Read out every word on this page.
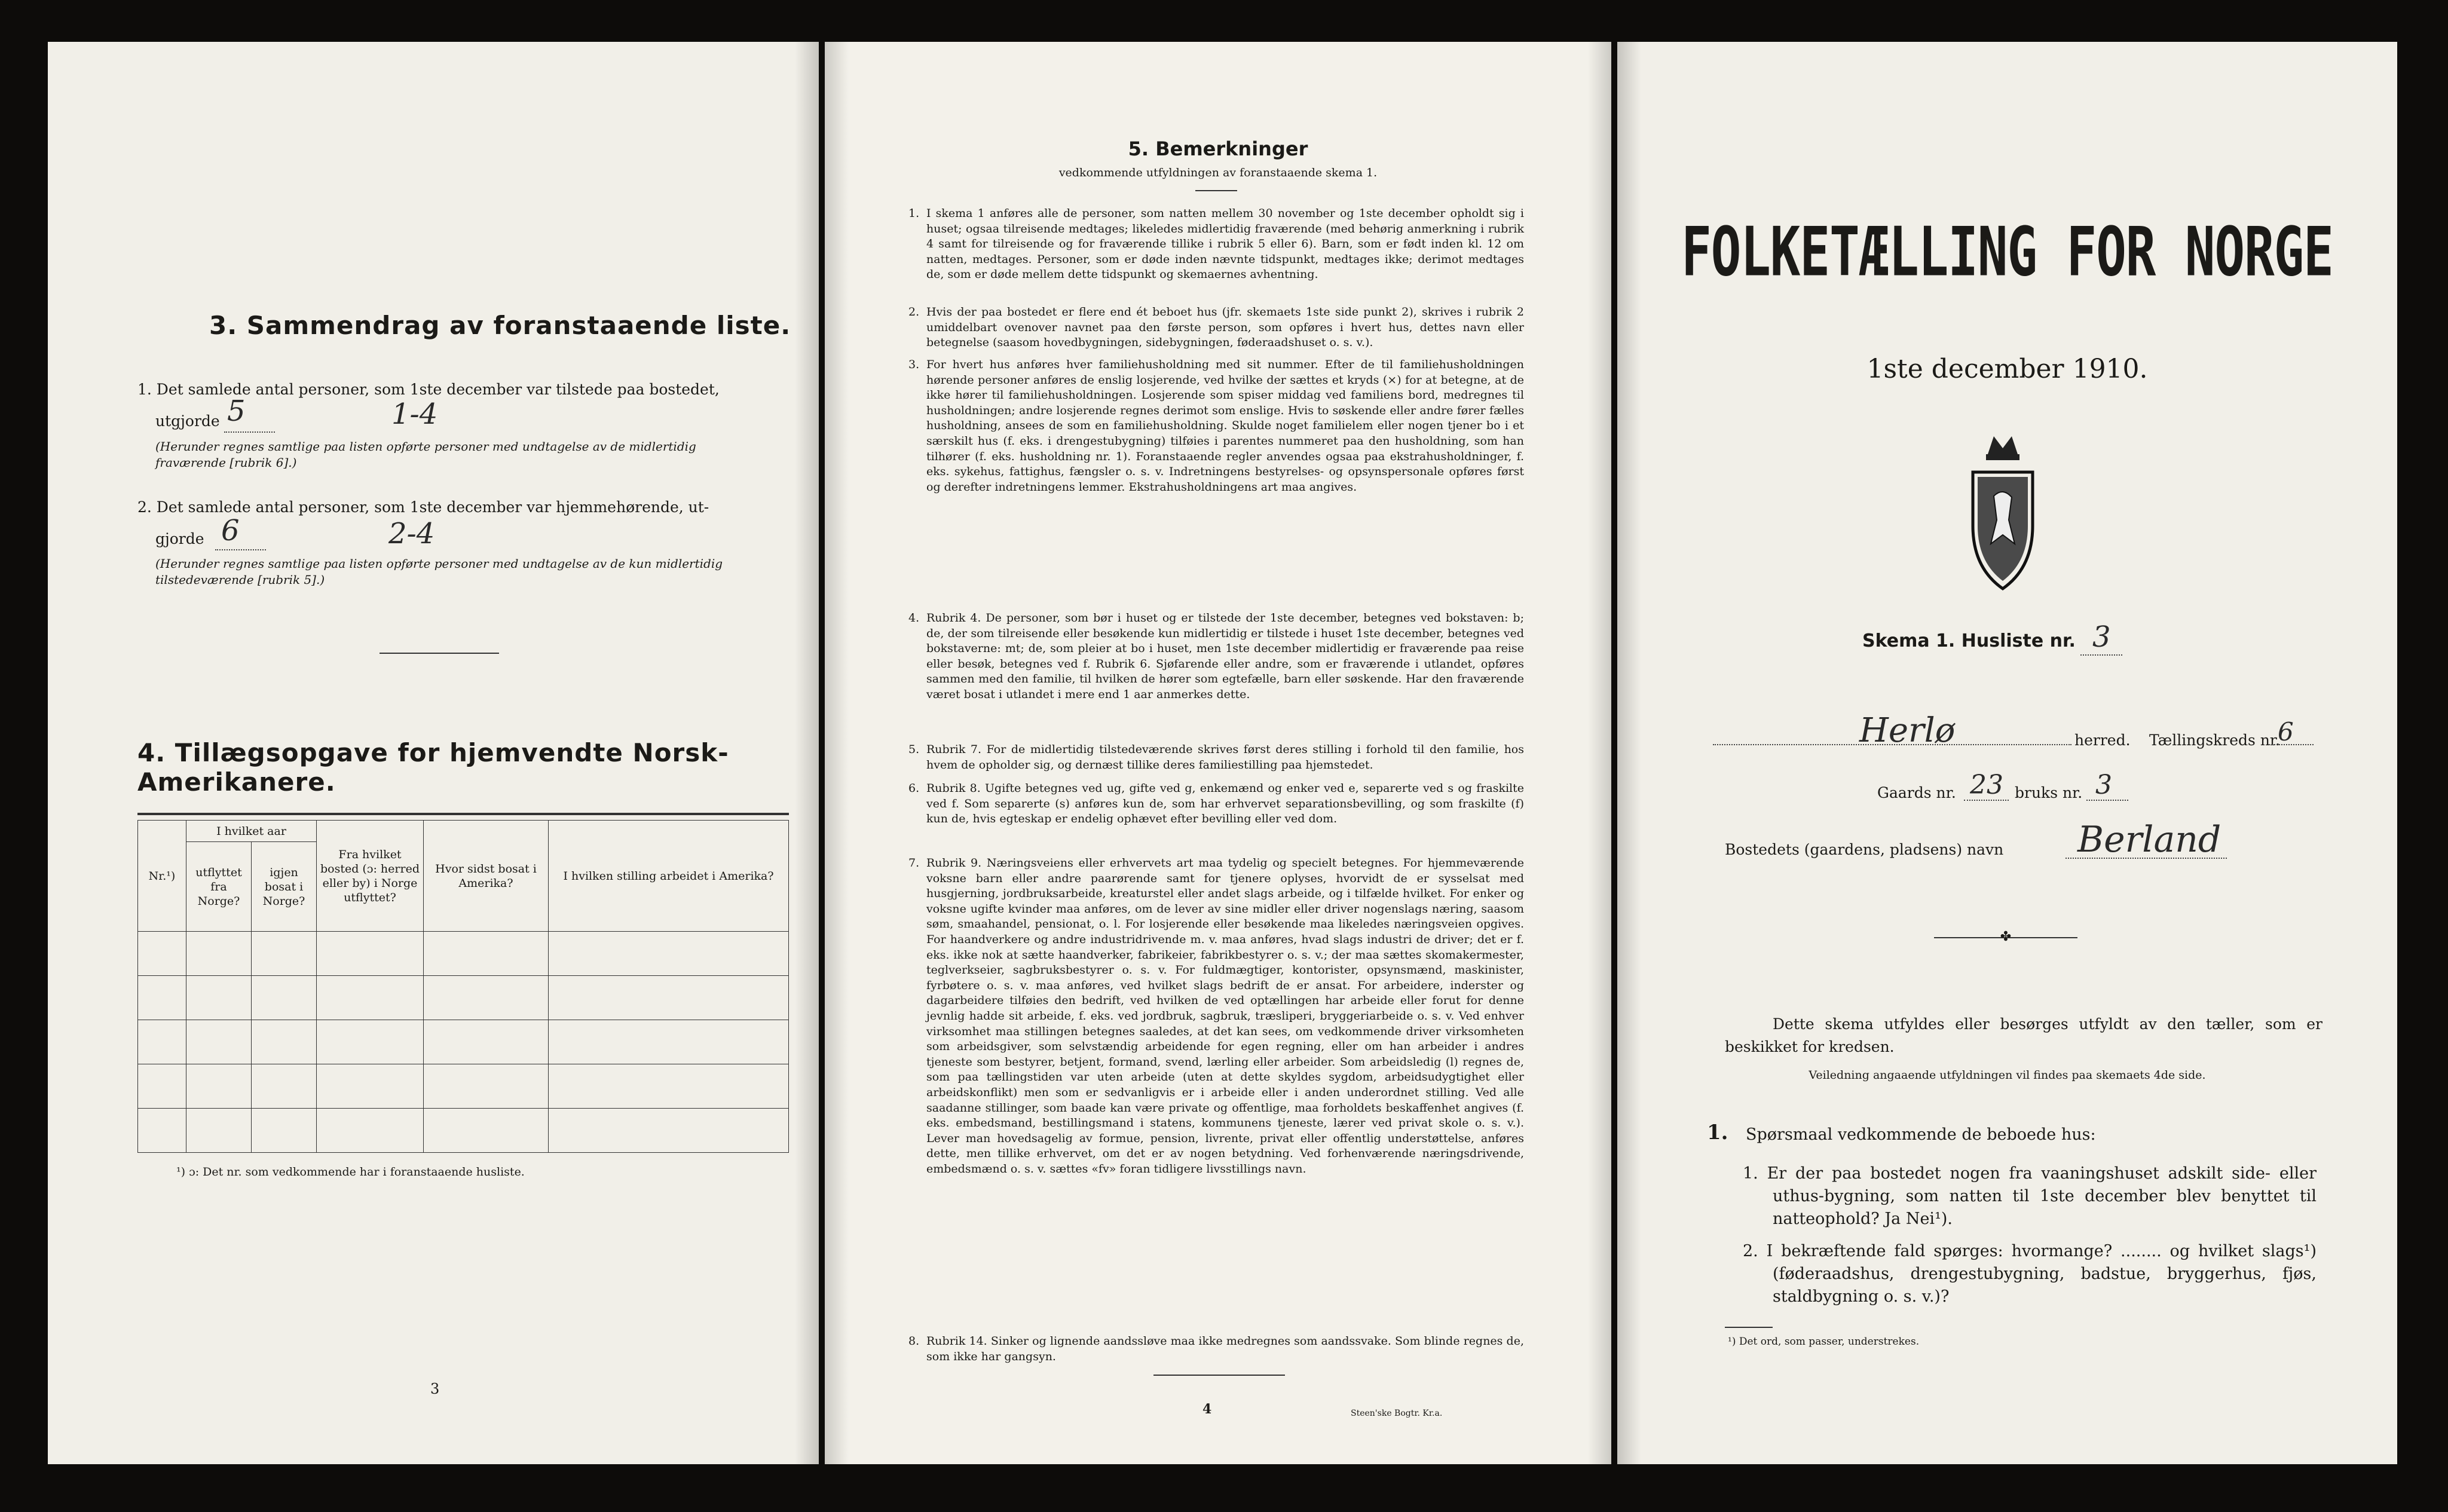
3. Sammendrag av foranstaaende liste.
1. Det samlede antal personer, som 1ste december var tilstede paa bostedet,
utgjorde 5	1-4
(Herunder regnes samtlige paa listen opførte personer med undtagelse av de midlertidig fraværende [rubrik 6].)
2. Det samlede antal personer, som 1ste december var hjemmehørende, ut-
gjorde 6	2-4
(Herunder regnes samtlige paa listen opførte personer med undtagelse av de kun midlertidig tilstedeværende [rubrik 5].)
4. Tillægsopgave for hjemvendte Norsk-Amerikanere.
Nr.¹)	I hvilket aar		Fra hvilket bosted (ɔ: herred eller by) i Norge utflyttet?	Hvor sidst bosat i Amerika?	I hvilken stilling arbeidet i Amerika?
	utflyttet fra Norge?	igjen bosat i Norge?			

¹) ɔ: Det nr. som vedkommende har i foranstaaende husliste.
3
5. Bemerkninger
vedkommende utfyldningen av foranstaaende skema 1.
1. I skema 1 anføres alle de personer, som natten mellem 30 november og 1ste december opholdt sig i huset; ogsaa tilreisende medtages; likeledes midlertidig fraværende (med behørig anmerkning i rubrik 4 samt for tilreisende og for fraværende tillike i rubrik 5 eller 6). Barn, som er født inden kl. 12 om natten, medtages. Personer, som er døde inden nævnte tidspunkt, medtages ikke; derimot medtages de, som er døde mellem dette tidspunkt og skemaernes avhentning.
2. Hvis der paa bostedet er flere end ét beboet hus (jfr. skemaets 1ste side punkt 2), skrives i rubrik 2 umiddelbart ovenover navnet paa den første person, som opføres i hvert hus, dettes navn eller betegnelse (saasom hovedbygningen, sidebygningen, føderaadshuset o. s. v.).
3. For hvert hus anføres hver familiehusholdning med sit nummer. Efter de til familiehusholdningen hørende personer anføres de enslig losjerende, ved hvilke der sættes et kryds (×) for at betegne, at de ikke hører til familiehusholdningen. Losjerende som spiser middag ved familiens bord, medregnes til husholdningen; andre losjerende regnes derimot som enslige. Hvis to søskende eller andre fører fælles husholdning, ansees de som en familiehusholdning. Skulde noget familielem eller nogen tjener bo i et særskilt hus (f. eks. i drengestubygning) tilføies i parentes nummeret paa den husholdning, som han tilhører (f. eks. husholdning nr. 1). Foranstaaende regler anvendes ogsaa paa ekstrahusholdninger, f. eks. sykehus, fattighus, fængsler o. s. v. Indretningens bestyrelses- og opsynspersonale opføres først og derefter indretningens lemmer. Ekstrahusholdningens art maa angives.
4. Rubrik 4. De personer, som bør i huset og er tilstede der 1ste december, betegnes ved bokstaven: b; de, der som tilreisende eller besøkende kun midlertidig er tilstede i huset 1ste december, betegnes ved bokstaverne: mt; de, som pleier at bo i huset, men 1ste december midlertidig er fraværende paa reise eller besøk, betegnes ved f. Rubrik 6. Sjøfarende eller andre, som er fraværende i utlandet, opføres sammen med den familie, til hvilken de hører som egtefælle, barn eller søskende. Har den fraværende været bosat i utlandet i mere end 1 aar anmerkes dette.
5. Rubrik 7. For de midlertidig tilstedeværende skrives først deres stilling i forhold til den familie, hos hvem de opholder sig, og dernæst tillike deres familiestilling paa hjemstedet.
6. Rubrik 8. Ugifte betegnes ved ug, gifte ved g, enkemænd og enker ved e, separerte ved s og fraskilte ved f. Som separerte (s) anføres kun de, som har erhvervet separationsbevilling, og som fraskilte (f) kun de, hvis egteskap er endelig ophævet efter bevilling eller ved dom.
7. Rubrik 9. Næringsveiens eller erhvervets art maa tydelig og specielt betegnes. For hjemmeværende voksne barn eller andre paarørende samt for tjenere oplyses, hvorvidt de er sysselsat med husgjerning, jordbruksarbeide, kreaturstel eller andet slags arbeide, og i tilfælde hvilket. For enker og voksne ugifte kvinder maa anføres, om de lever av sine midler eller driver nogenslags næring, saasom søm, smaahandel, pensionat, o. l. For losjerende eller besøkende maa likeledes næringsveien opgives. For haandverkere og andre industridrivende m. v. maa anføres, hvad slags industri de driver; det er f. eks. ikke nok at sætte haandverker, fabrikeier, fabrikbestyrer o. s. v.; der maa sættes skomakermester, teglverkseier, sagbruksbestyrer o. s. v. For fuldmægtiger, kontorister, opsynsmænd, maskinister, fyrbøtere o. s. v. maa anføres, ved hvilket slags bedrift de er ansat. For arbeidere, inderster og dagarbeidere tilføies den bedrift, ved hvilken de ved optællingen har arbeide eller forut for denne jevnlig hadde sit arbeide, f. eks. ved jordbruk, sagbruk, træsliperi, bryggeriarbeide o. s. v. Ved enhver virksomhet maa stillingen betegnes saaledes, at det kan sees, om vedkommende driver virksomheten som arbeidsgiver, som selvstændig arbeidende for egen regning, eller om han arbeider i andres tjeneste som bestyrer, betjent, formand, svend, lærling eller arbeider. Som arbeidsledig (l) regnes de, som paa tællingstiden var uten arbeide (uten at dette skyldes sygdom, arbeidsudygtighet eller arbeidskonflikt) men som er sedvanligvis er i arbeide eller i anden underordnet stilling. Ved alle saadanne stillinger, som baade kan være private og offentlige, maa forholdets beskaffenhet angives (f. eks. embedsmand, bestillingsmand i statens, kommunens tjeneste, lærer ved privat skole o. s. v.). Lever man hovedsagelig av formue, pension, livrente, privat eller offentlig understøttelse, anføres dette, men tillike erhvervet, om det er av nogen betydning. Ved forhenværende næringsdrivende, embedsmænd o. s. v. sættes «fv» foran tidligere livsstillings navn.
8. Rubrik 14. Sinker og lignende aandssløve maa ikke medregnes som aandssvake. Som blinde regnes de, som ikke har gangsyn.
4	Steen'ske Bogtr. Kr.a.
FOLKETÆLLING FOR NORGE
1ste december 1910.
Skema 1. Husliste nr. 3
Herlø	herred. Tællingskreds nr.
6
Gaards nr. 23 bruks nr. 3
Bostedets (gaardens, pladsens) navn Berland
✤
Dette skema utfyldes eller besørges utfyldt av den tæller, som er beskikket for kredsen.
Veiledning angaaende utfyldningen vil findes paa skemaets 4de side.
1. Spørsmaal vedkommende de beboede hus:
1. Er der paa bostedet nogen fra vaaningshuset adskilt side- eller uthus-bygning, som natten til 1ste december blev benyttet til natteophold? Ja Nei¹).
2. I bekræftende fald spørges: hvormange? ........ og hvilket slags¹) (føderaadshus, drengestubygning, badstue, bryggerhus, fjøs, staldbygning o. s. v.)?
¹) Det ord, som passer, understrekes.
